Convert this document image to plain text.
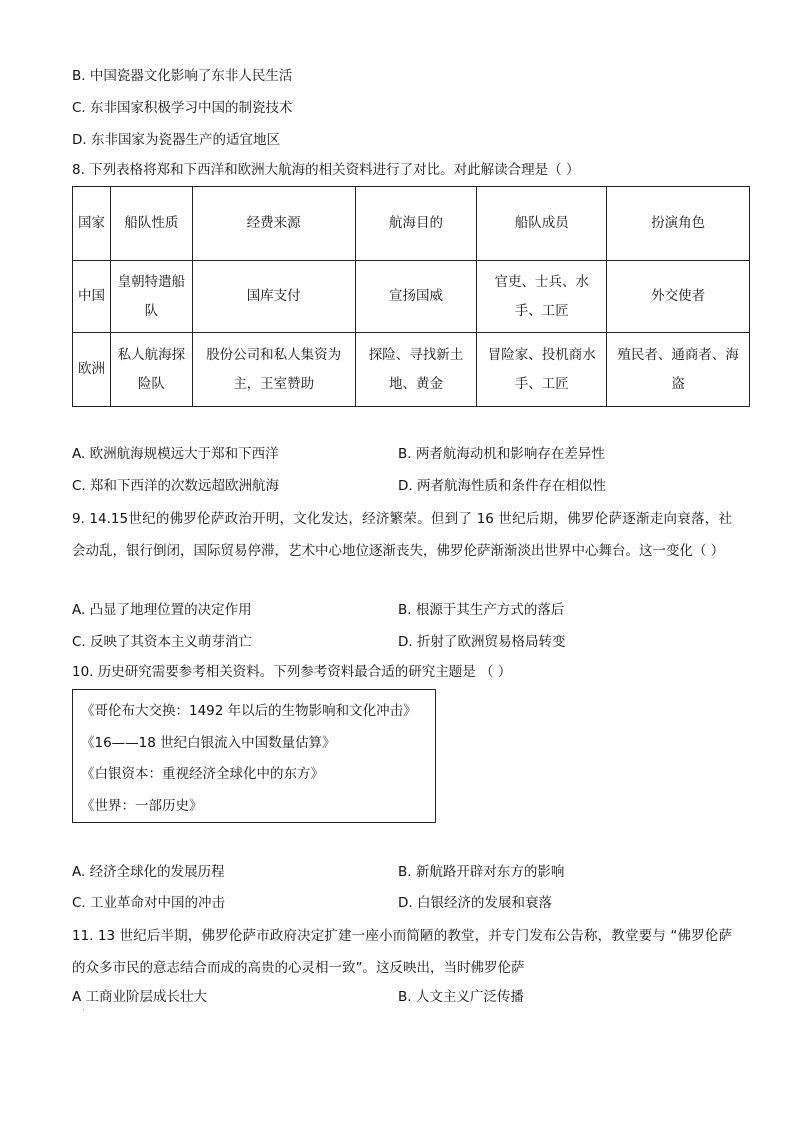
B. 中国瓷器文化影响了东非人民生活
C. 东非国家积极学习中国的制瓷技术
D. 东非国家为瓷器生产的适宜地区
8. 下列表格将郑和下西洋和欧洲大航海的相关资料进行了对比。对此解读合理是（ ）
国家	船队性质	经费来源	航海目的	船队成员	扮演角色
中国	皇朝特遣船队	国库支付	宣扬国威	官吏、士兵、水手、工匠	外交使者
欧洲	私人航海探险队	股份公司和私人集资为主，王室赞助	探险、寻找新土地、黄金	冒险家、投机商水手、工匠	殖民者、通商者、海盗
A. 欧洲航海规模远大于郑和下西洋	B. 两者航海动机和影响存在差异性
C. 郑和下西洋的次数远超欧洲航海	D. 两者航海性质和条件存在相似性
9. 14.15世纪的佛罗伦萨政治开明，文化发达，经济繁荣。但到了 16 世纪后期，佛罗伦萨逐渐走向衰落，社会动乱，银行倒闭，国际贸易停滞，艺术中心地位逐渐丧失，佛罗伦萨渐渐淡出世界中心舞台。这一变化（ ）
A. 凸显了地理位置的决定作用	B. 根源于其生产方式的落后
C. 反映了其资本主义萌芽消亡	D. 折射了欧洲贸易格局转变
10. 历史研究需要参考相关资料。下列参考资料最合适的研究主题是 （ ）
《哥伦布大交换：1492 年以后的生物影响和文化冲击》
《16——18 世纪白银流入中国数量估算》
《白银资本：重视经济全球化中的东方》
《世界：一部历史》
A. 经济全球化的发展历程	B. 新航路开辟对东方的影响
C. 工业革命对中国的冲击	D. 白银经济的发展和衰落
11. 13 世纪后半期，佛罗伦萨市政府决定扩建一座小而简陋的教堂，并专门发布公告称，教堂要与 “佛罗伦萨的众多市民的意志结合而成的高贵的心灵相一致”。这反映出，当时佛罗伦萨
A 工商业阶层成长壮大	B. 人文主义广泛传播
·
